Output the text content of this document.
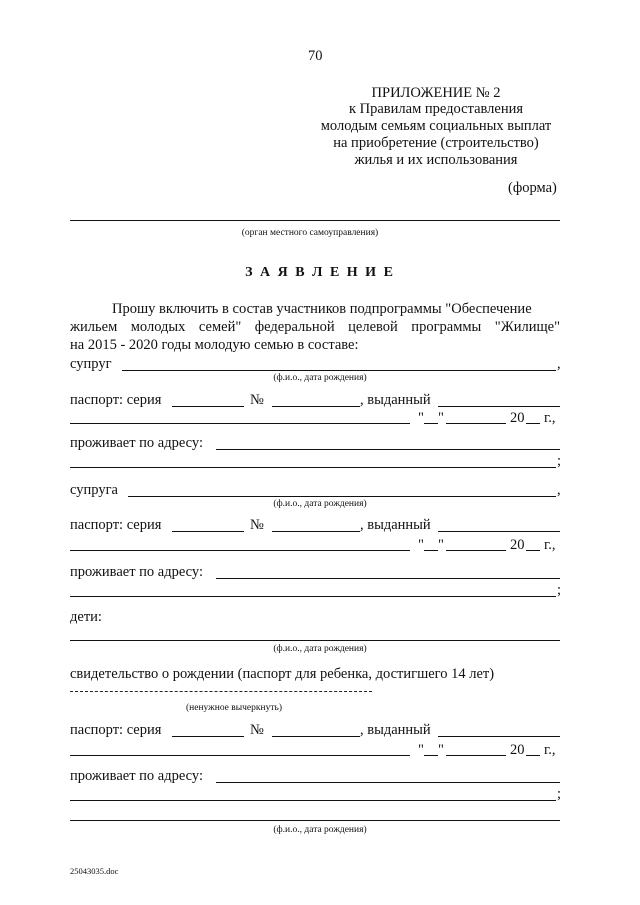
70
ПРИЛОЖЕНИЕ № 2
к Правилам предоставления
молодым семьям социальных выплат
на приобретение (строительство)
жилья и их использования
(форма)
(орган местного самоуправления)
З А Я В Л Е Н И Е
Прошу включить в состав участников подпрограммы "Обеспечение
жильем молодых семей" федеральной целевой программы "Жилище"
на 2015 - 2020 годы молодую семью в составе:
супруг	,
(ф.и.о., дата рождения)
паспорт: серия	№	, выданный
" "	20 г.,
проживает по адресу:
;
супруга	,
(ф.и.о., дата рождения)
паспорт: серия	№	, выданный
" "	20 г.,
проживает по адресу:
;
дети:
(ф.и.о., дата рождения)
свидетельство о рождении (паспорт для ребенка, достигшего 14 лет)
(ненужное вычеркнуть)
паспорт: серия	№	, выданный
" "	20 г.,
проживает по адресу:
;
(ф.и.о., дата рождения)
25043035.doc
